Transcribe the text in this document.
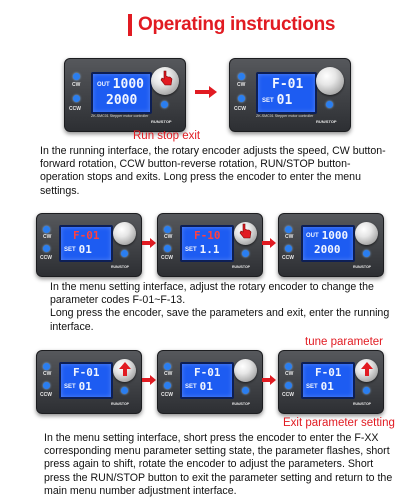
Operating instructions
CW
CCW
OUT 1000
2000
RUN/STOP
ZK-SMC01 Stepper motor controller
CW
CCW
F-01
SET 01
RUN/STOP
ZK-SMC01 Stepper motor controller
Run stop exit
In the running interface, the rotary encoder adjusts the speed, CW button-forward rotation, CCW button-reverse rotation, RUN/STOP button-operation stops and exits. Long press the encoder to enter the menu settings.
CW
CCW
F-01
SET 01
RUN/STOP
CW
CCW
F-10
SET 1.1
RUN/STOP
CW
CCW
OUT 1000
2000
RUN/STOP
In the menu setting interface, adjust the rotary encoder to change the parameter codes F-01~F-13.
Long press the encoder, save the parameters and exit, enter the running interface.
tune parameter
CW
CCW
F-01
SET 01
RUN/STOP
CW
CCW
F-01
SET 01
RUN/STOP
CW
CCW
F-01
SET 01
RUN/STOP
Exit parameter setting
In the menu setting interface, short press the encoder to enter the F-XX corresponding menu parameter setting state, the parameter flashes, short press again to shift, rotate the encoder to adjust the parameters. Short press the RUN/STOP button to exit the parameter setting and return to the main menu number adjustment interface.
